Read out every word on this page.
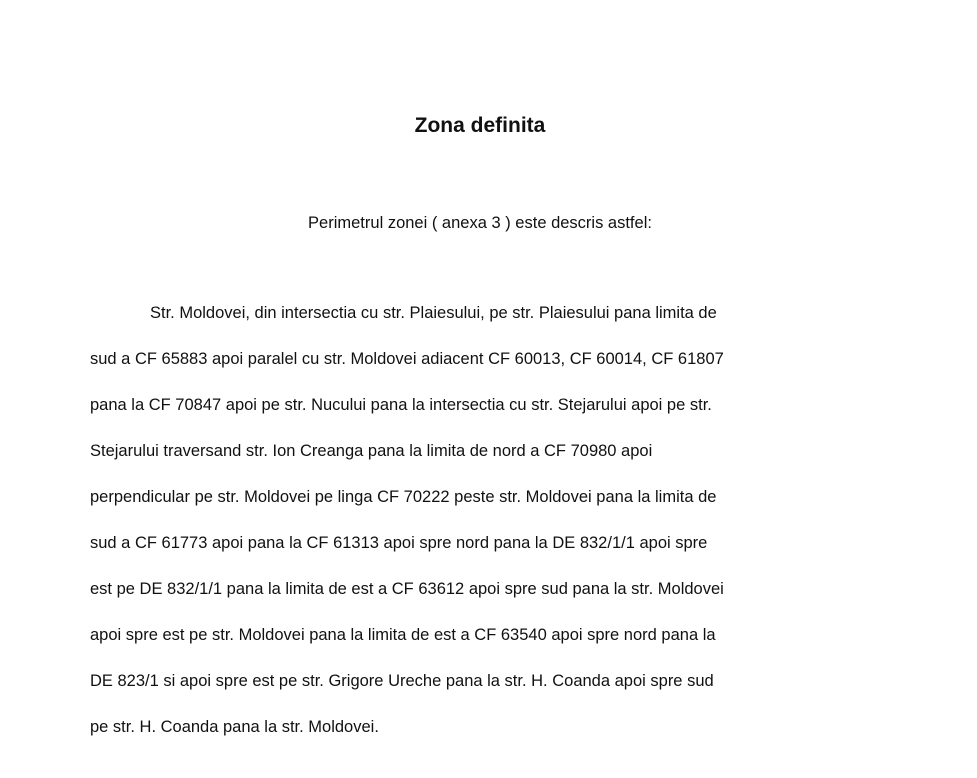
Zona definita

Perimetrul zonei ( anexa 3 ) este descris astfel:

Str. Moldovei, din intersectia cu str. Plaiesului, pe str. Plaiesului pana limita de
sud a CF 65883 apoi paralel cu str. Moldovei adiacent CF 60013, CF 60014, CF 61807
pana la CF 70847 apoi pe str. Nucului pana la intersectia cu str. Stejarului apoi pe str.
Stejarului traversand str. Ion Creanga pana la limita de nord a CF 70980 apoi
perpendicular pe str. Moldovei pe linga CF 70222 peste str. Moldovei pana la limita de
sud a CF 61773 apoi pana la CF 61313 apoi spre nord pana la DE 832/1/1 apoi spre
est pe DE 832/1/1 pana la limita de est a CF 63612 apoi spre sud pana la str. Moldovei
apoi spre est pe str. Moldovei pana la limita de est a CF 63540 apoi spre nord pana la
DE 823/1 si apoi spre est pe str. Grigore Ureche pana la str. H. Coanda apoi spre sud
pe str. H. Coanda pana la str. Moldovei.
